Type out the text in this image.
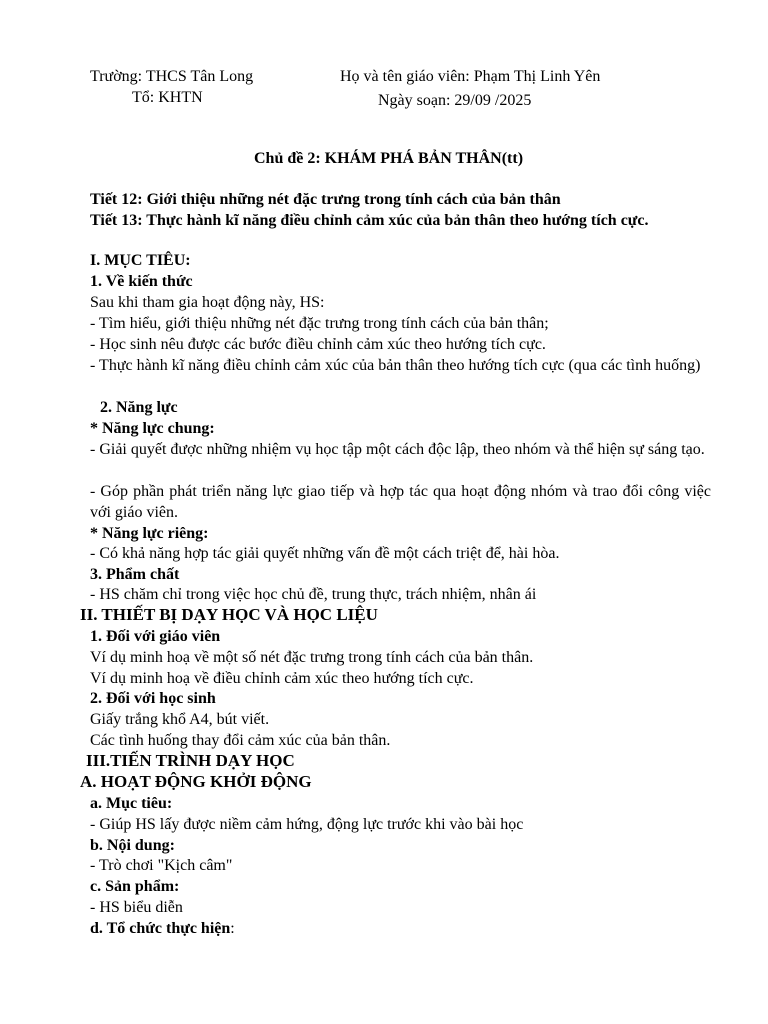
Trường: THCS Tân Long
Tổ: KHTN
Họ và tên giáo viên: Phạm Thị Linh Yên
Ngày soạn: 29/09 /2025
Chủ đề 2: KHÁM PHÁ BẢN THÂN(tt)
Tiết 12: Giới thiệu những nét đặc trưng trong tính cách của bản thân
Tiết 13: Thực hành kĩ năng điều chỉnh cảm xúc của bản thân theo hướng tích cực.
I. MỤC TIÊU:
1. Về kiến thức
Sau khi tham gia hoạt động này, HS:
- Tìm hiểu, giới thiệu những nét đặc trưng trong tính cách của bản thân;
- Học sinh nêu được các bước điều chỉnh cảm xúc theo hướng tích cực.
- Thực hành kĩ năng điều chỉnh cảm xúc của bản thân theo hướng tích cực (qua các tình huống)
2. Năng lực
* Năng lực chung:
- Giải quyết được những nhiệm vụ học tập một cách độc lập, theo nhóm và thể hiện sự sáng tạo.
- Góp phần phát triển năng lực giao tiếp và hợp tác qua hoạt động nhóm và trao đổi công việc với giáo viên.
* Năng lực riêng:
- Có khả năng hợp tác giải quyết những vấn đề một cách triệt để, hài hòa.
3. Phẩm chất
- HS chăm chỉ trong việc học chủ đề, trung thực, trách nhiệm, nhân ái
II. THIẾT BỊ DẠY HỌC VÀ HỌC LIỆU
1. Đối với giáo viên
Ví dụ minh hoạ về một số nét đặc trưng trong tính cách của bản thân.
Ví dụ minh hoạ về điều chỉnh cảm xúc theo hướng tích cực.
2. Đối với học sinh
Giấy trắng khổ A4, bút viết.
Các tình huống thay đổi cảm xúc của bản thân.
III.TIẾN TRÌNH DẠY HỌC
A. HOẠT ĐỘNG KHỞI ĐỘNG
a. Mục tiêu:
- Giúp HS lấy được niềm cảm hứng, động lực trước khi vào bài học
b. Nội dung:
- Trò chơi "Kịch câm"
c. Sản phẩm:
- HS biểu diễn
d. Tổ chức thực hiện:
